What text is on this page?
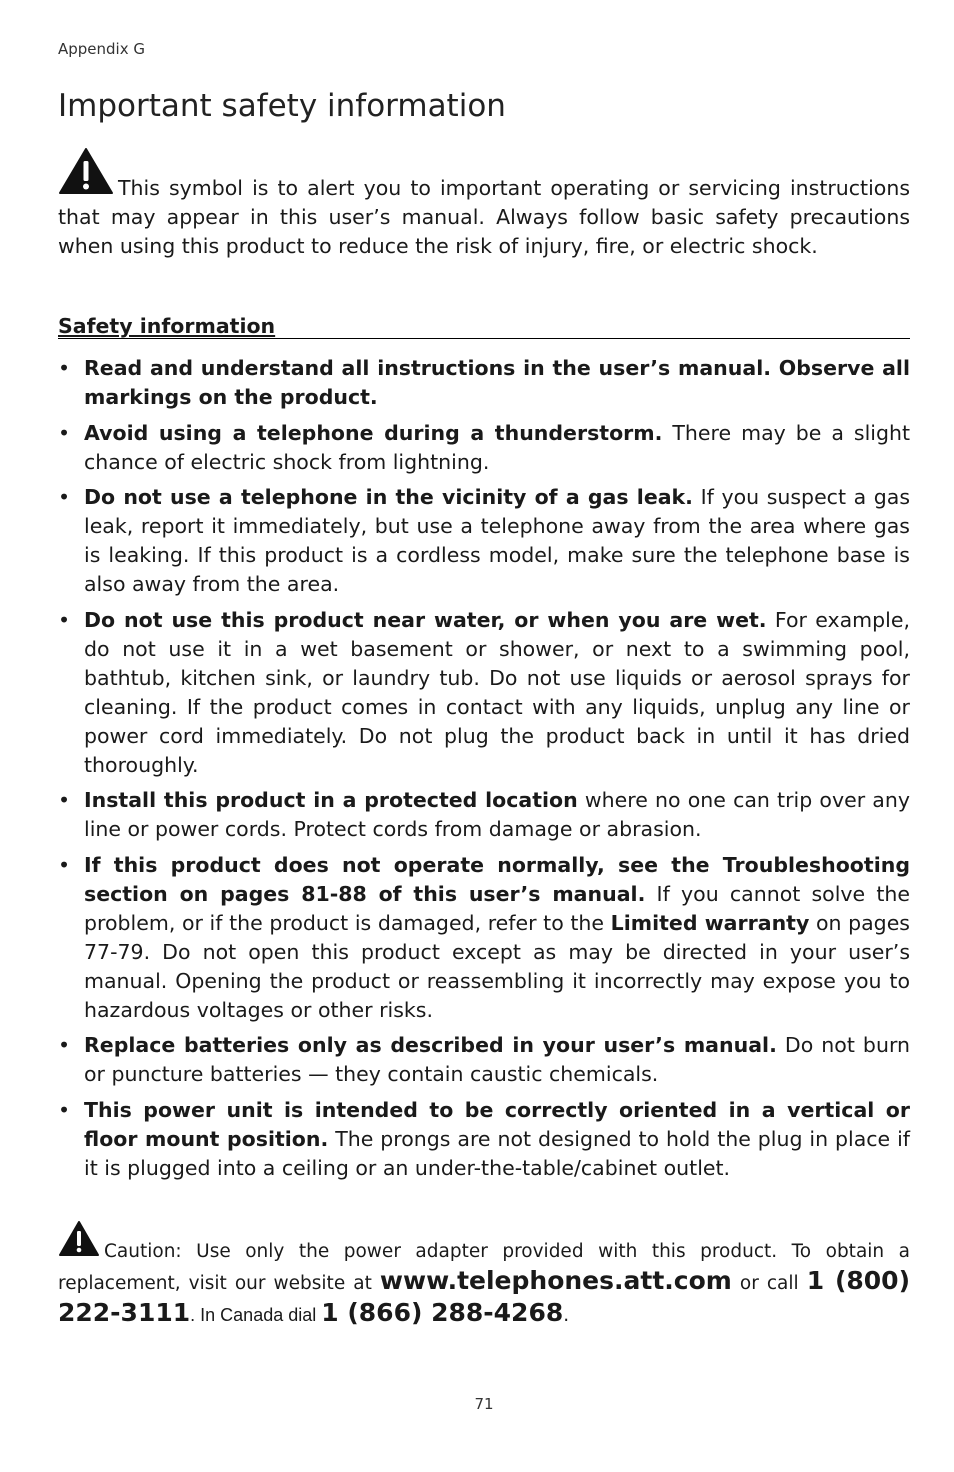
Appendix G
Important safety information
This symbol is to alert you to important operating or servicing instructions that may appear in this user’s manual. Always follow basic safety precautions when using this product to reduce the risk of injury, fire, or electric shock.
Safety information
• Read and understand all instructions in the user’s manual. Observe all markings on the product.
• Avoid using a telephone during a thunderstorm. There may be a slight chance of electric shock from lightning.
• Do not use a telephone in the vicinity of a gas leak. If you suspect a gas leak, report it immediately, but use a telephone away from the area where gas is leaking. If this product is a cordless model, make sure the telephone base is also away from the area.
• Do not use this product near water, or when you are wet. For example, do not use it in a wet basement or shower, or next to a swimming pool, bathtub, kitchen sink, or laundry tub. Do not use liquids or aerosol sprays for cleaning. If the product comes in contact with any liquids, unplug any line or power cord immediately. Do not plug the product back in until it has dried thoroughly.
• Install this product in a protected location where no one can trip over any line or power cords. Protect cords from damage or abrasion.
• If this product does not operate normally, see the Troubleshooting section on pages 81-88 of this user’s manual. If you cannot solve the problem, or if the product is damaged, refer to the Limited warranty on pages 77-79. Do not open this product except as may be directed in your user’s manual. Opening the product or reassembling it incorrectly may expose you to hazardous voltages or other risks.
• Replace batteries only as described in your user’s manual. Do not burn or puncture batteries — they contain caustic chemicals.
• This power unit is intended to be correctly oriented in a vertical or floor mount position. The prongs are not designed to hold the plug in place if it is plugged into a ceiling or an under-the-table/cabinet outlet.
Caution: Use only the power adapter provided with this product. To obtain a replacement, visit our website at www.telephones.att.com or call 1 (800) 222-3111. In Canada dial 1 (866) 288-4268.
71
